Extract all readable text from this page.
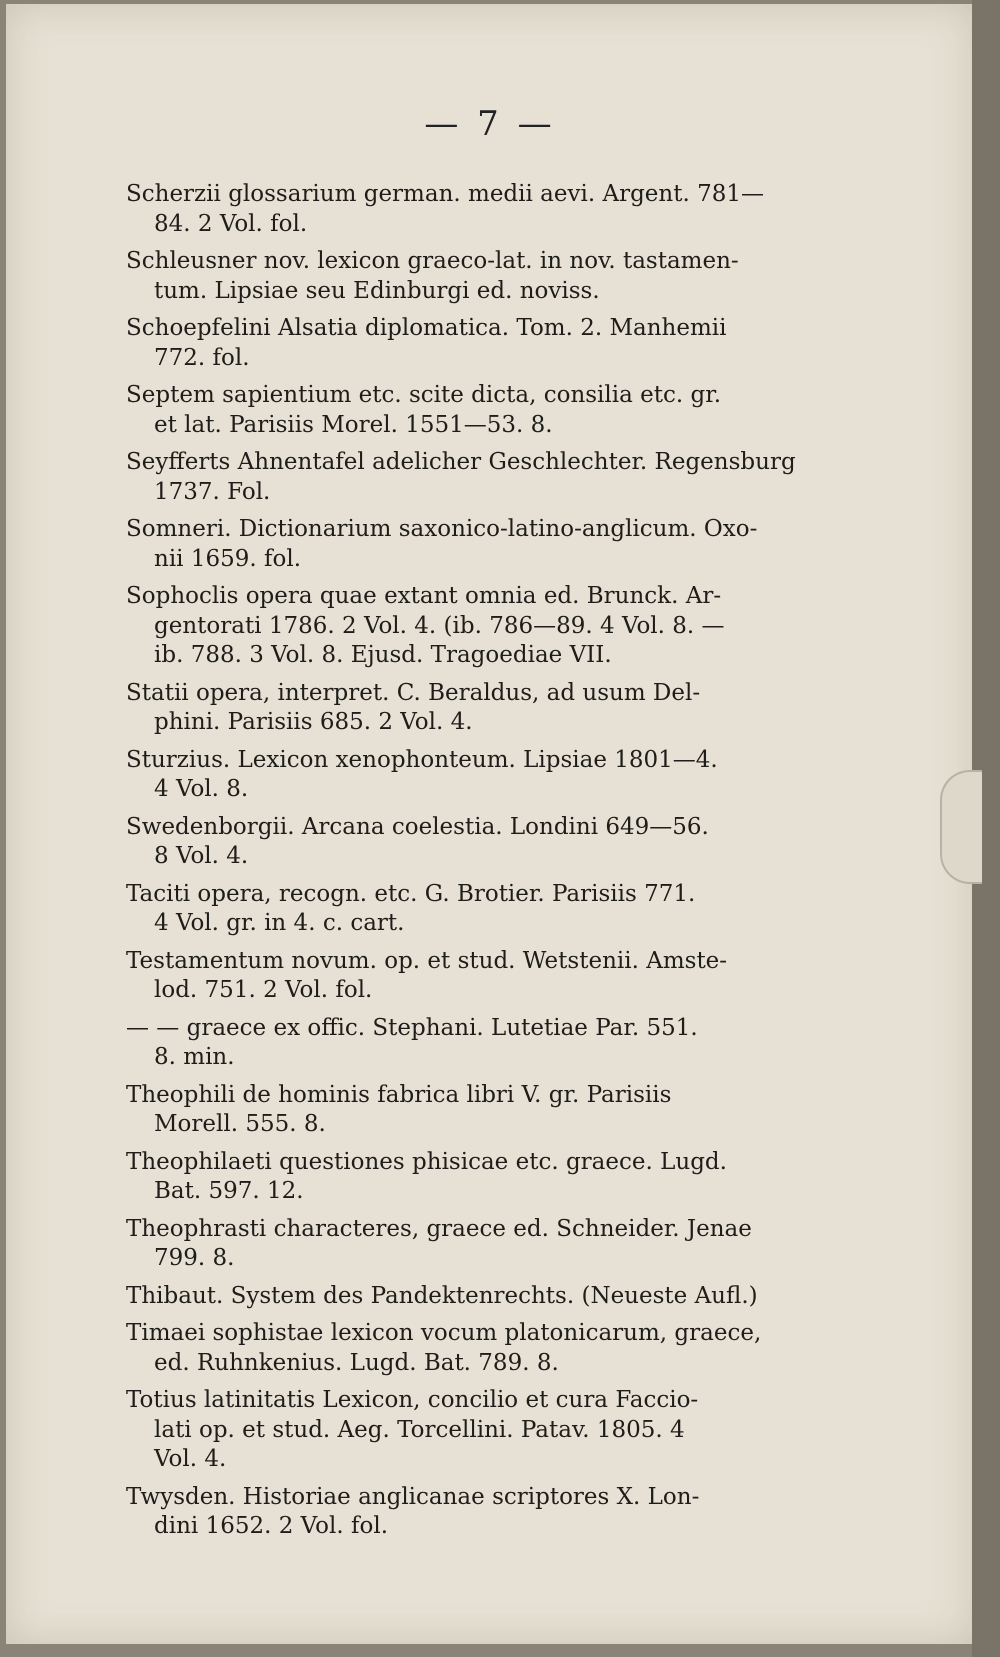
— 7 —

Scherzii glossarium german. medii aevi. Argent. 781—
84. 2 Vol. fol.

Schleusner nov. lexicon graeco-lat. in nov. tastamen-
tum. Lipsiae seu Edinburgi ed. noviss.

Schoepfelini Alsatia diplomatica. Tom. 2. Manhemii
772. fol.

Septem sapientium etc. scite dicta, consilia etc. gr.
et lat. Parisiis Morel. 1551—53. 8.

Seyfferts Ahnentafel adelicher Geschlechter. Regensburg
1737. Fol.

Somneri. Dictionarium saxonico-latino-anglicum. Oxo-
nii 1659. fol.

Sophoclis opera quae extant omnia ed. Brunck. Ar-
gentorati 1786. 2 Vol. 4. (ib. 786—89. 4 Vol. 8. —
ib. 788. 3 Vol. 8. Ejusd. Tragoediae VII.

Statii opera, interpret. C. Beraldus, ad usum Del-
phini. Parisiis 685. 2 Vol. 4.

Sturzius. Lexicon xenophonteum. Lipsiae 1801—4.
4 Vol. 8.

Swedenborgii. Arcana coelestia. Londini 649—56.
8 Vol. 4.

Taciti opera, recogn. etc. G. Brotier. Parisiis 771.
4 Vol. gr. in 4. c. cart.

Testamentum novum. op. et stud. Wetstenii. Amste-
lod. 751. 2 Vol. fol.

— — graece ex offic. Stephani. Lutetiae Par. 551.
8. min.

Theophili de hominis fabrica libri V. gr. Parisiis
Morell. 555. 8.

Theophilaeti questiones phisicae etc. graece. Lugd.
Bat. 597. 12.

Theophrasti characteres, graece ed. Schneider. Jenae
799. 8.

Thibaut. System des Pandektenrechts. (Neueste Aufl.)

Timaei sophistae lexicon vocum platonicarum, graece,
ed. Ruhnkenius. Lugd. Bat. 789. 8.

Totius latinitatis Lexicon, concilio et cura Faccio-
lati op. et stud. Aeg. Torcellini. Patav. 1805. 4
Vol. 4.

Twysden. Historiae anglicanae scriptores X. Lon-
dini 1652. 2 Vol. fol.
